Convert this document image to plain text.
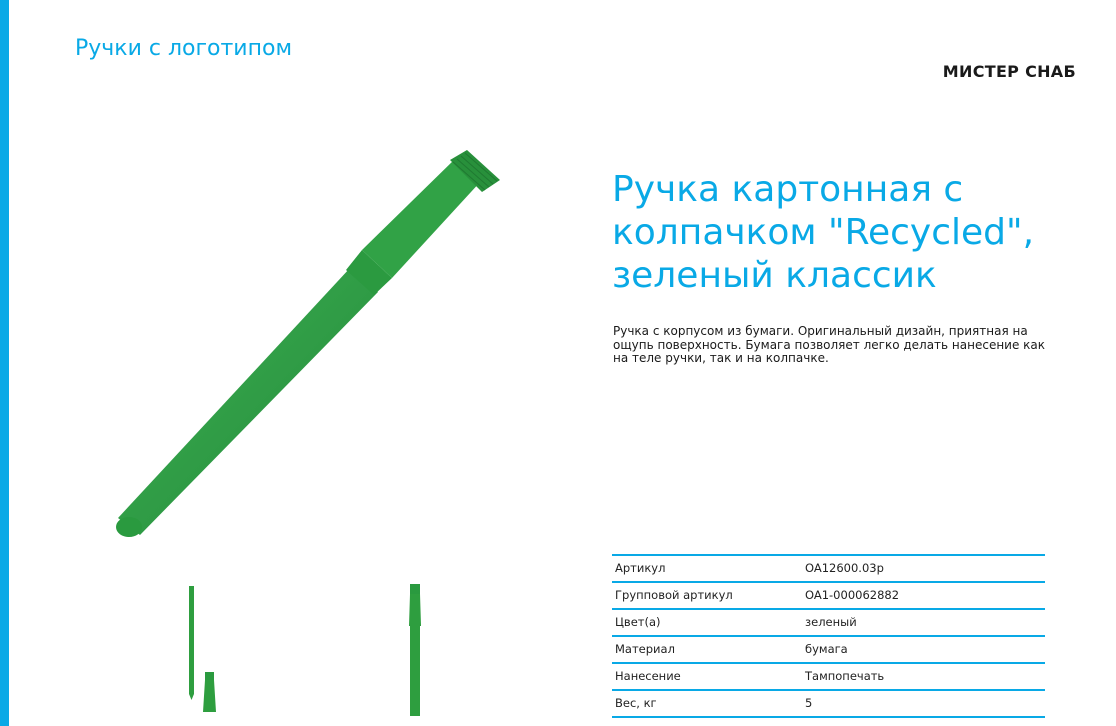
Ручки с логотипом
МИСТЕР СНАБ
Ручка картонная с колпачком "Recycled", зеленый классик

Ручка с корпусом из бумаги. Оригинальный дизайн, приятная на ощупь поверхность. Бумага позволяет легко делать нанесение как на теле ручки, так и на колпачке.

Артикул	OA12600.03p
Групповой артикул	OA1-000062882
Цвет(а)	зеленый
Материал	бумага
Нанесение	Тампопечать
Вес, кг	5
